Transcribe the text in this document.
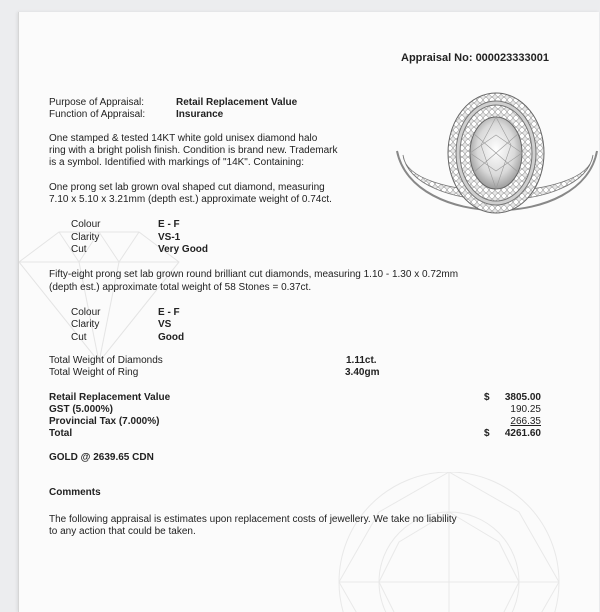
Appraisal No: 000023333001
Purpose of Appraisal:	Retail Replacement Value
Function of Appraisal:	Insurance
One stamped & tested 14KT white gold unisex diamond halo
ring with a bright polish finish. Condition is brand new. Trademark
is a symbol. Identified with markings of "14K". Containing:
One prong set lab grown oval shaped cut diamond, measuring
7.10 x 5.10 x 3.21mm (depth est.) approximate weight of 0.74ct.
Colour	E - F
Clarity	VS-1
Cut	Very Good
Fifty-eight prong set lab grown round brilliant cut diamonds, measuring 1.10 - 1.30 x 0.72mm
(depth est.) approximate total weight of 58 Stones = 0.37ct.
Colour	E - F
Clarity	VS
Cut	Good
Total Weight of Diamonds	1.11ct.
Total Weight of Ring	3.40gm
Retail Replacement Value	$	3805.00
GST (5.000%)	190.25
Provincial Tax (7.000%)	266.35
Total	$	4261.60
GOLD @ 2639.65 CDN
Comments
The following appraisal is estimates upon replacement costs of jewellery. We take no liability
to any action that could be taken.
